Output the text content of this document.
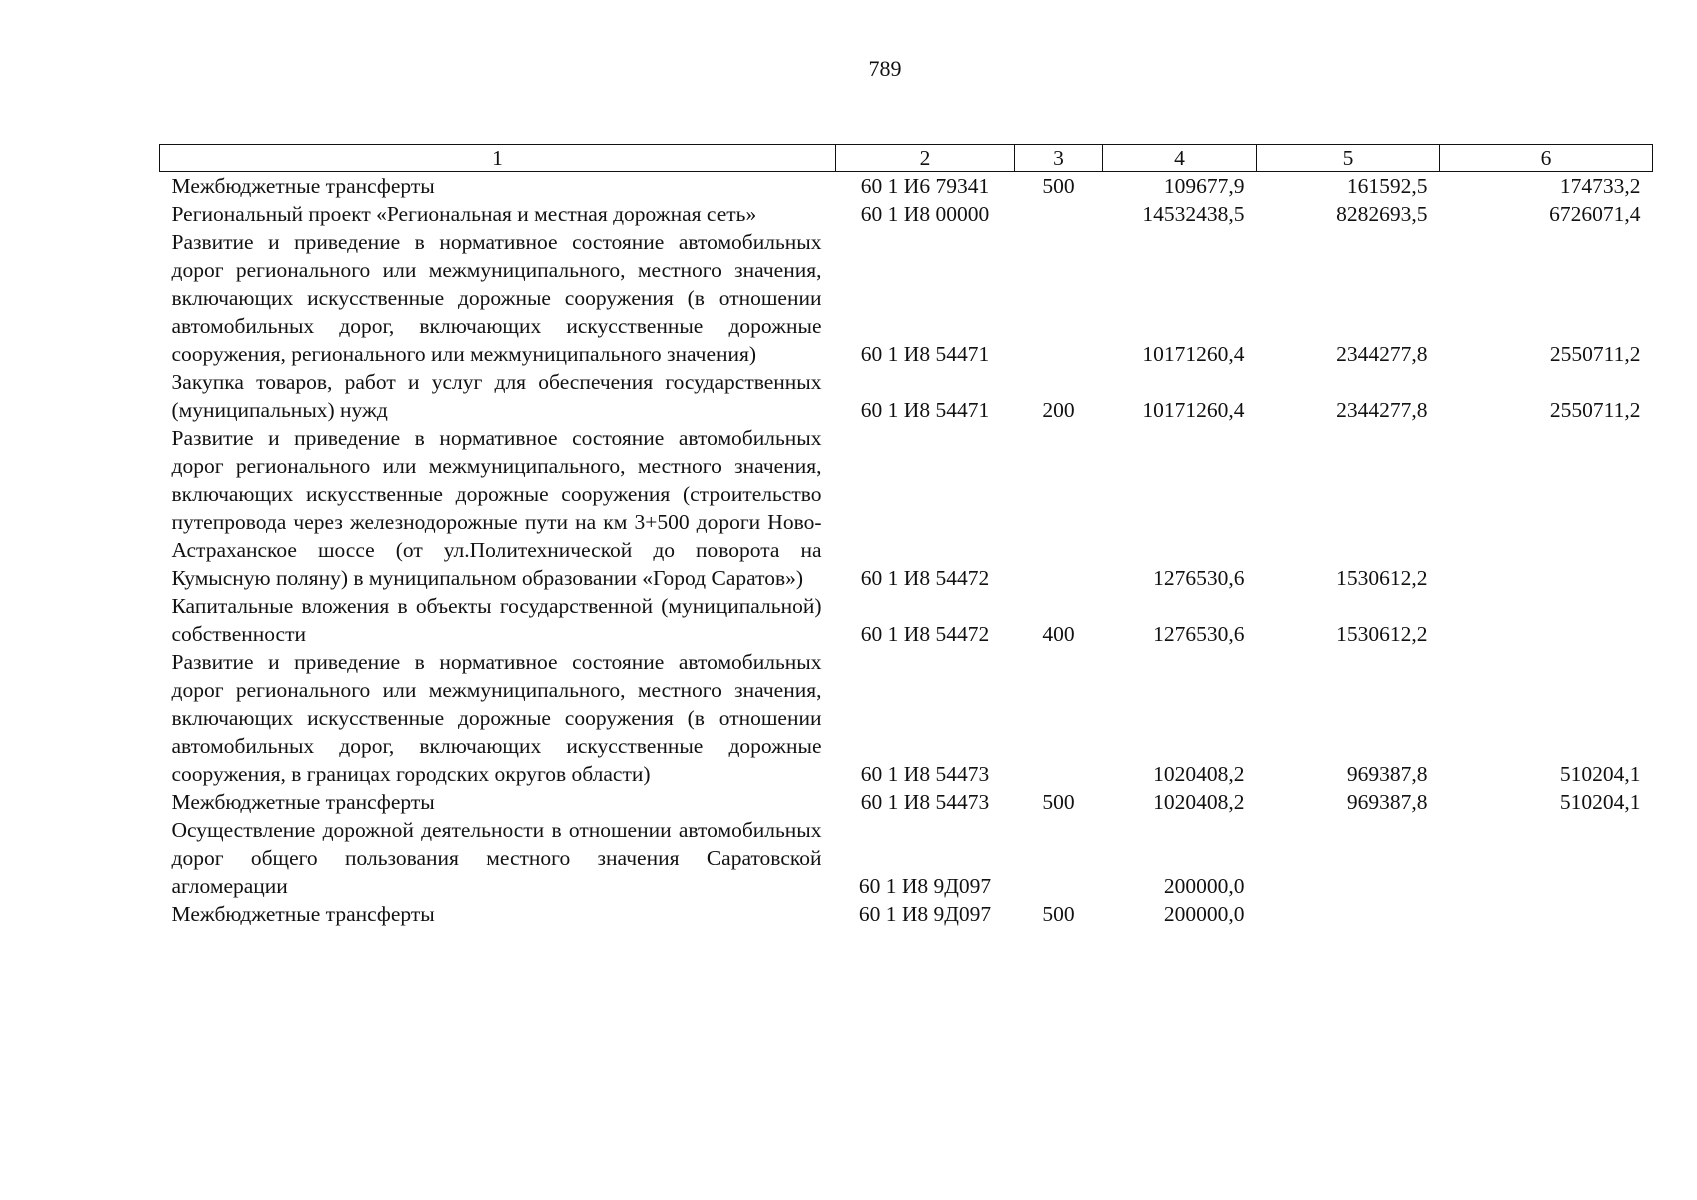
789
1	2	3	4	5	6
Межбюджетные трансферты	60 1 И6 79341	500	109677,9	161592,5	174733,2
Региональный проект «Региональная и местная дорожная сеть»	60 1 И8 00000		14532438,5	8282693,5	6726071,4
Развитие и приведение в нормативное состояние автомобильных дорог регионального или межмуниципального, местного значения, включающих искусственные дорожные сооружения (в отношении автомобильных дорог, включающих искусственные дорожные сооружения, регионального или межмуниципального значения)	60 1 И8 54471		10171260,4	2344277,8	2550711,2
Закупка товаров, работ и услуг для обеспечения государственных (муниципальных) нужд	60 1 И8 54471	200	10171260,4	2344277,8	2550711,2
Развитие и приведение в нормативное состояние автомобильных дорог регионального или межмуниципального, местного значения, включающих искусственные дорожные сооружения (строительство путепровода через железнодорожные пути на км 3+500 дороги Ново-Астраханское шоссе (от ул.Политехнической до поворота на Кумысную поляну) в муниципальном образовании «Город Саратов»)	60 1 И8 54472		1276530,6	1530612,2	
Капитальные вложения в объекты государственной (муниципальной) собственности	60 1 И8 54472	400	1276530,6	1530612,2	
Развитие и приведение в нормативное состояние автомобильных дорог регионального или межмуниципального, местного значения, включающих искусственные дорожные сооружения (в отношении автомобильных дорог, включающих искусственные дорожные сооружения, в границах городских округов области)	60 1 И8 54473		1020408,2	969387,8	510204,1
Межбюджетные трансферты	60 1 И8 54473	500	1020408,2	969387,8	510204,1
Осуществление дорожной деятельности в отношении автомобильных дорог общего пользования местного значения Саратовской агломерации	60 1 И8 9Д097		200000,0		
Межбюджетные трансферты	60 1 И8 9Д097	500	200000,0		
